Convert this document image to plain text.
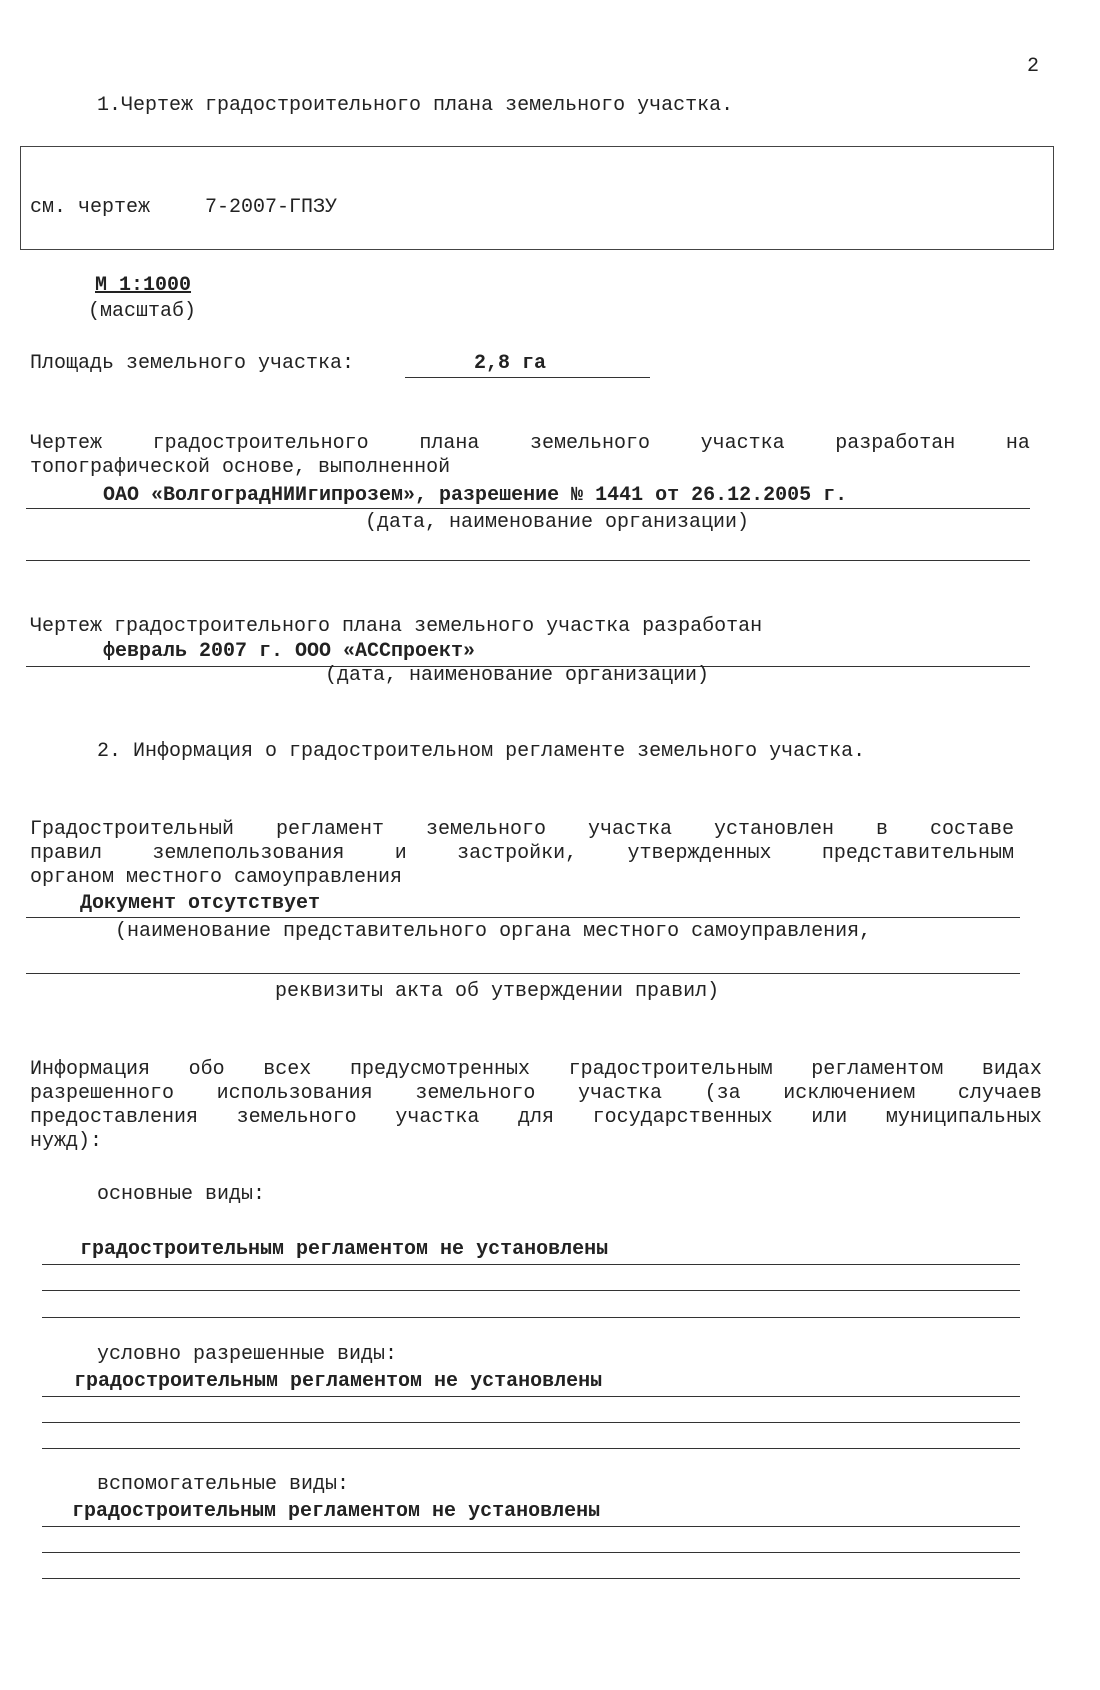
2
1.Чертеж градостроительного плана земельного участка.
см. чертеж	7-2007-ГПЗУ
М 1:1000
(масштаб)
Площадь земельного участка:	2,8 га
Чертеж	градостроительного	плана	земельного	участка	разработан	на
топографической основе, выполненной
ОАО «ВолгоградНИИгипрозем», разрешение № 1441 от 26.12.2005 г.
(дата, наименование организации)
Чертеж градостроительного плана земельного участка разработан
февраль 2007 г. ООО «АССпроект»
(дата, наименование организации)
2. Информация о градостроительном регламенте земельного участка.
Градостроительный регламент земельного участка установлен в составе
правил	землепользования	и	застройки,	утвержденных	представительным
органом местного самоуправления
Документ отсутствует
(наименование представительного органа местного самоуправления,
реквизиты акта об утверждении правил)
Информация обо всех предусмотренных градостроительным регламентом видах
разрешенного использования земельного участка (за исключением случаев
предоставления земельного участка для государственных или муниципальных
нужд):
основные виды:
градостроительным регламентом не установлены
условно разрешенные виды:
градостроительным регламентом не установлены
вспомогательные виды:
градостроительным регламентом не установлены
